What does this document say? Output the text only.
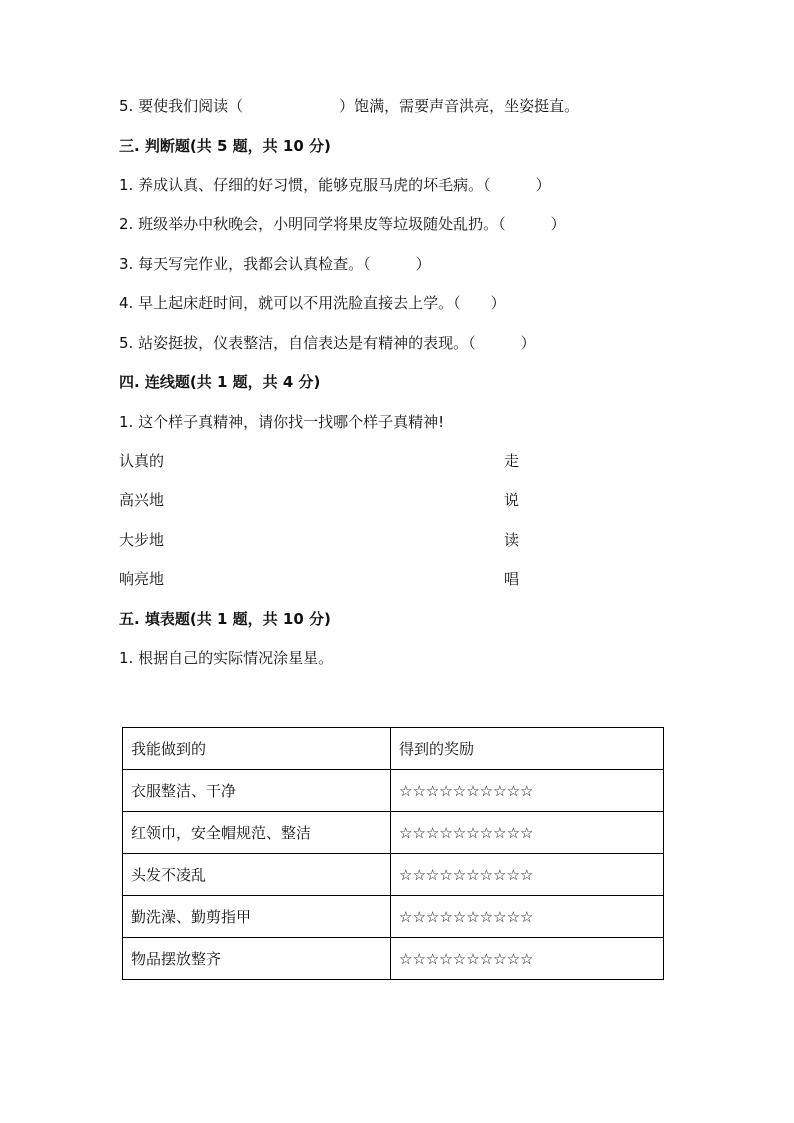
5. 要使我们阅读（	）饱满，需要声音洪亮，坐姿挺直。
三. 判断题(共 5 题，共 10 分)
1. 养成认真、仔细的好习惯，能够克服马虎的坏毛病。（　　　）
2. 班级举办中秋晚会，小明同学将果皮等垃圾随处乱扔。（　　　）
3. 每天写完作业，我都会认真检查。（　　　）
4. 早上起床赶时间，就可以不用洗脸直接去上学。（　　）
5. 站姿挺拔，仪表整洁，自信表达是有精神的表现。（　　　）
四. 连线题(共 1 题，共 4 分)
1. 这个样子真精神，请你找一找哪个样子真精神!
认真的	走
高兴地	说
大步地	读
响亮地	唱
五. 填表题(共 1 题，共 10 分)
1. 根据自己的实际情况涂星星。
我能做到的	得到的奖励
衣服整洁、干净	☆☆☆☆☆☆☆☆☆☆
红领巾，安全帽规范、整洁	☆☆☆☆☆☆☆☆☆☆
头发不凌乱	☆☆☆☆☆☆☆☆☆☆
勤洗澡、勤剪指甲	☆☆☆☆☆☆☆☆☆☆
物品摆放整齐	☆☆☆☆☆☆☆☆☆☆
